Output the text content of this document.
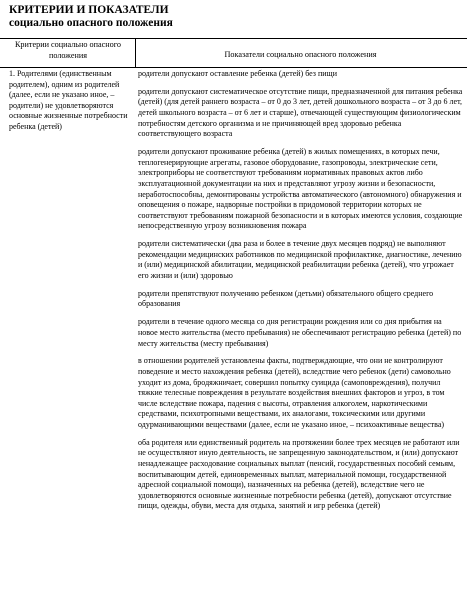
КРИТЕРИИ И ПОКАЗАТЕЛИ
социально опасного положения
Критерии социально опасного положения	Показатели социально опасного положения
1. Родителями (единственным родителем), одним из родителей (далее, если не указано иное, – родители) не удовлетворяются основные жизненные потребности ребенка (детей)

родители допускают оставление ребенка (детей) без пищи

родители допускают систематическое отсутствие пищи, предназначенной для питания ребенка (детей) (для детей раннего возраста – от 0 до 3 лет, детей дошкольного возраста – от 3 до 6 лет, детей школьного возраста – от 6 лет и старше), отвечающей существующим физиологическим потребностям детского организма и не причиняющей вред здоровью ребенка соответствующего возраста

родители допускают проживание ребенка (детей) в жилых помещениях, в которых печи, теплогенерирующие агрегаты, газовое оборудование, газопроводы, электрические сети, электроприборы не соответствуют требованиям нормативных правовых актов либо эксплуатационной документации на них и представляют угрозу жизни и безопасности, неработоспособны, демонтированы устройства автоматического (автономного) обнаружения и оповещения о пожаре, надворные постройки в придомовой территории которых не соответствуют требованиям пожарной безопасности и в которых имеются условия, создающие непосредственную угрозу возникновения пожара

родители систематически (два раза и более в течение двух месяцев подряд) не выполняют рекомендации медицинских работников по медицинской профилактике, диагностике, лечению и (или) медицинской абилитации, медицинской реабилитации ребенка (детей), что угрожает его жизни и (или) здоровью

родители препятствуют получению ребенком (детьми) обязательного общего среднего образования

родители в течение одного месяца со дня регистрации рождения или со дня прибытия на новое место жительства (место пребывания) не обеспечивают регистрацию ребенка (детей) по месту жительства (месту пребывания)

в отношении родителей установлены факты, подтверждающие, что они не контролируют поведение и место нахождения ребенка (детей), вследствие чего ребенок (дети) самовольно уходит из дома, бродяжничает, совершил попытку суицида (самоповреждения), получил тяжкие телесные повреждения в результате воздействия внешних факторов и угроз, в том числе вследствие пожара, падения с высоты, отравления алкоголем, наркотическими средствами, психотропными веществами, их аналогами, токсическими или другими одурманивающими веществами (далее, если не указано иное, – психоактивные вещества)

оба родителя или единственный родитель на протяжении более трех месяцев не работают или не осуществляют иную деятельность, не запрещенную законодательством, и (или) допускают ненадлежащее расходование социальных выплат (пенсий, государственных пособий семьям, воспитывающим детей, единовременных выплат, материальной помощи, государственной адресной социальной помощи), назначенных на ребенка (детей), вследствие чего не удовлетворяются основные жизненные потребности ребенка (детей), допускают отсутствие пищи, одежды, обуви, места для отдыха, занятий и игр ребенка (детей)
